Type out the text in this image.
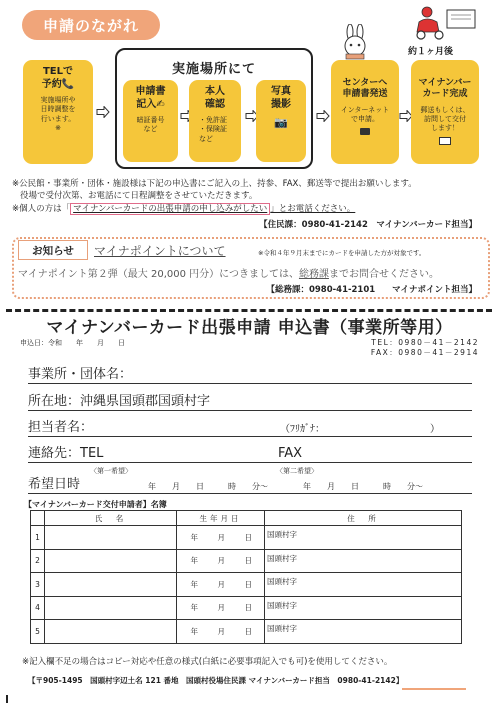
申請のながれ
実施場所にて
TELで
予約📞
実施場所や
日時調整を
行います。
※
申請書
記入✍
暗証番号
など
本人
確認
・免許証
・保険証
など
写真
撮影
📷
センターへ
申請書発送
インターネット
で申請。
マイナンバー
カード完成
郵送もしくは、
訪問して交付
します！
約１ヶ月後

※公民館・事業所・団体・施設様は下記の申込書にご記入の上、持参、FAX、郵送等で提出お願いします。

役場で受付次第、お電話にて日程調整をさせていただきます。

※個人の方は「 マイナンバーカードの出張申請の申し込みがしたい 」とお電話ください。

【住民課：0980-41-2142　マイナンバーカード担当】
お知らせ	マイナポイントについて	※令和４年９月末までにカードを申請した方が対象です。
マイナポイント第２弾（最大 20,000 円分）につきましては、総務課までお問合せください。
【総務課：0980-41-2101　　マイナポイント担当】
マイナンバーカード出張申請 申込書（事業所等用）
申込日：令和　　年　　月　　日	TEL：0980－41－2142
FAX：0980－41－2914
事業所・団体名：
所在地：沖縄県国頭郡国頭村字
担当者名：	（ﾌﾘｶﾞﾅ：　　　　　　　　　　　）
連絡先：TEL	FAX
〈第一希望〉	〈第二希望〉
希望日時	年　　月　　日　　　時　　分～	年　　月　　日　　　時　　分～
【マイナンバーカード交付申請者】名簿
	氏　名	生年月日	住　所
1		年　月　日	国頭村字
2		年　月　日	国頭村字
3		年　月　日	国頭村字
4		年　月　日	国頭村字
5		年　月　日	国頭村字
※記入欄不足の場合はコピー対応や任意の様式(白紙に必要事項記入でも可)を使用してください。
【〒905-1495　国頭村字辺土名 121 番地　国頭村役場住民課 マイナンバーカード担当　0980-41-2142】
